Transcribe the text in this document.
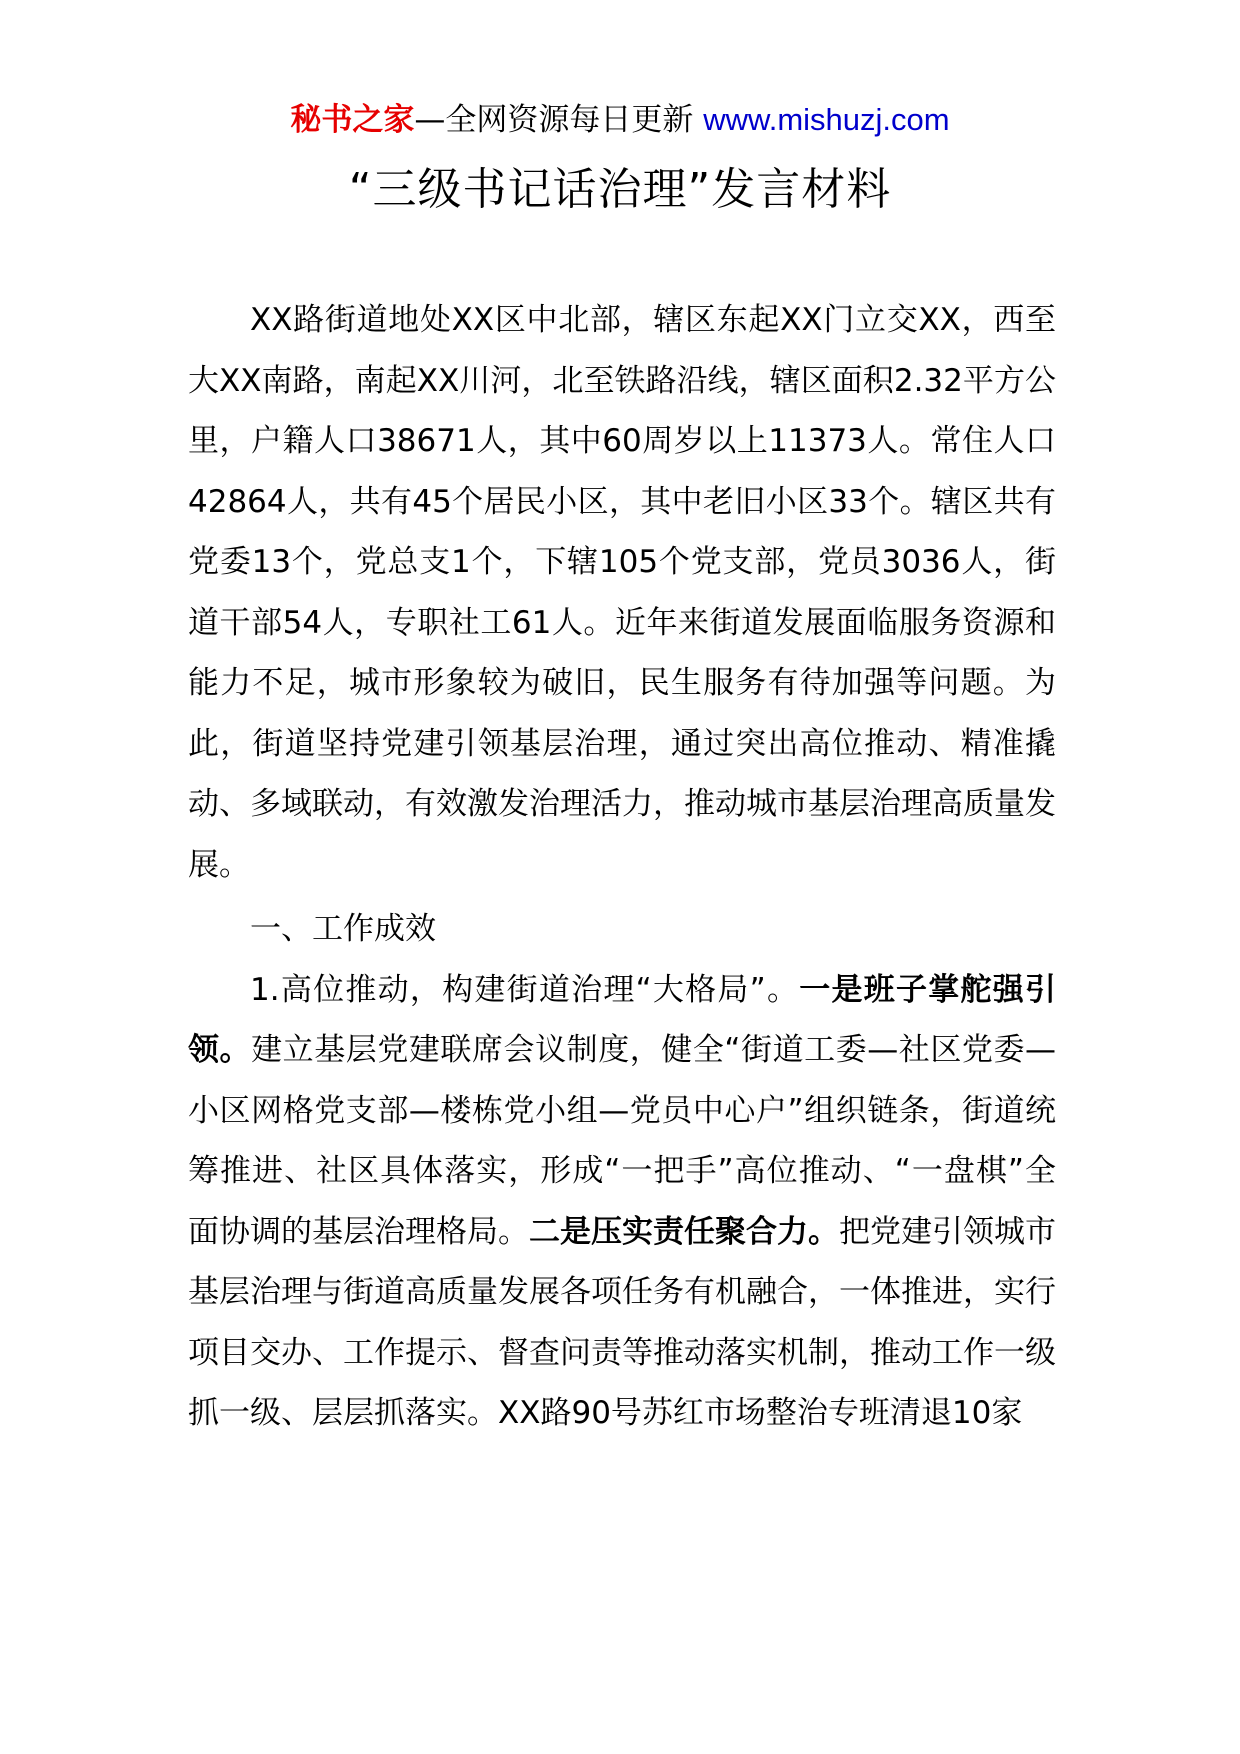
秘书之家—全网资源每日更新 www.mishuzj.com
“三级书记话治理”发言材料

XX路街道地处XX区中北部，辖区东起XX门立交XX，西至大XX南路，南起XX川河，北至铁路沿线，辖区面积2.32平方公里，户籍人口38671人，其中60周岁以上11373人。常住人口42864人，共有45个居民小区，其中老旧小区33个。辖区共有党委13个，党总支1个，下辖105个党支部，党员3036人，街道干部54人，专职社工61人。近年来街道发展面临服务资源和能力不足，城市形象较为破旧，民生服务有待加强等问题。为此，街道坚持党建引领基层治理，通过突出高位推动、精准撬动、多域联动，有效激发治理活力，推动城市基层治理高质量发展。

一、工作成效

1.高位推动，构建街道治理“大格局”。一是班子掌舵强引领。建立基层党建联席会议制度，健全“街道工委—社区党委—小区网格党支部—楼栋党小组—党员中心户”组织链条，街道统筹推进、社区具体落实，形成“一把手”高位推动、“一盘棋”全面协调的基层治理格局。二是压实责任聚合力。把党建引领城市基层治理与街道高质量发展各项任务有机融合，一体推进，实行项目交办、工作提示、督查问责等推动落实机制，推动工作一级抓一级、层层抓落实。XX路90号苏红市场整治专班清退10家
